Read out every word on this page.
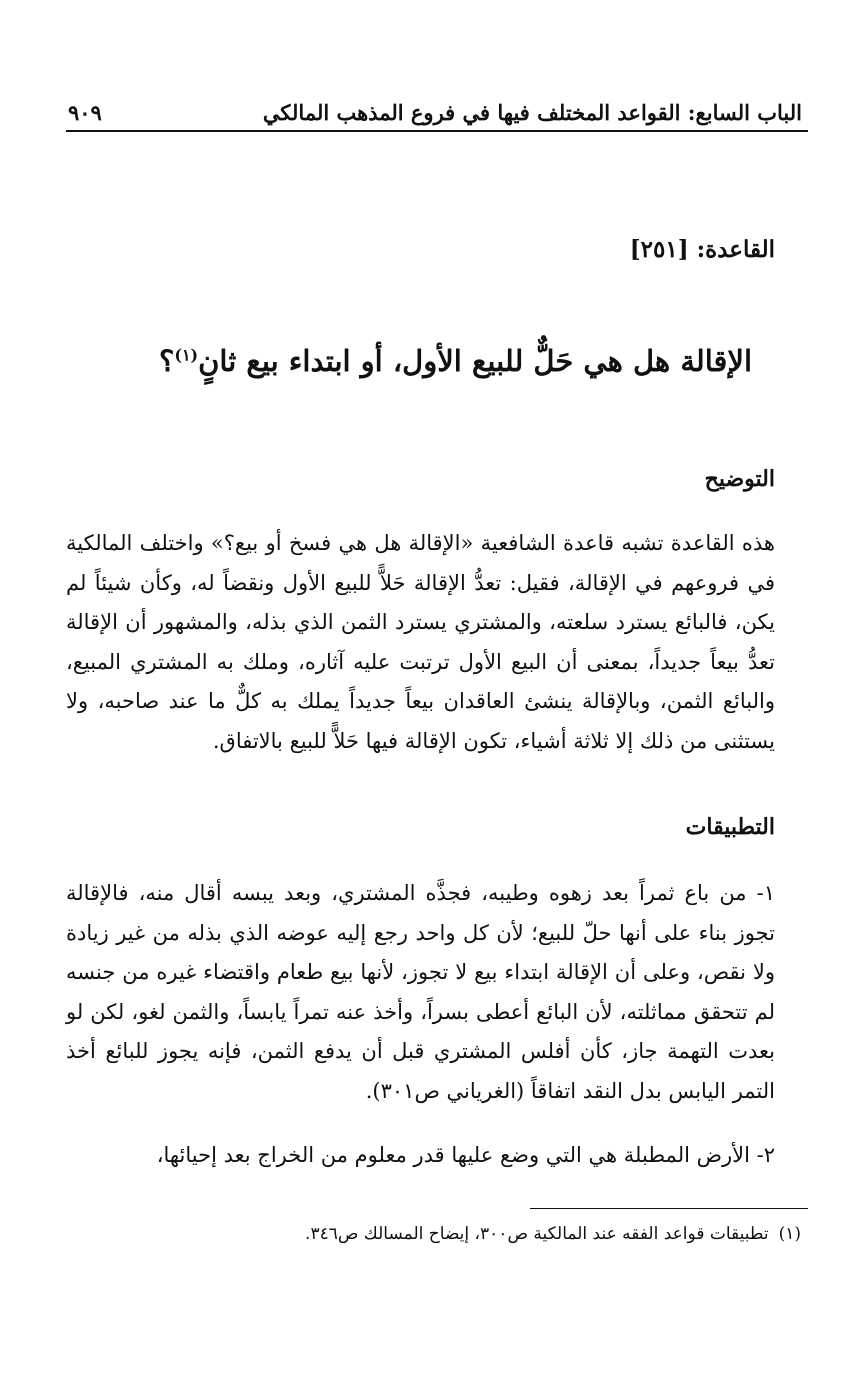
الباب السابع: القواعد المختلف فيها في فروع المذهب المالكي
٩٠٩
القاعدة: [٢٥١]
الإقالة هل هي حَلٌّ للبيع الأول، أو ابتداء بيع ثانٍ$^{(١)}$؟
التوضيح

هذه القاعدة تشبه قاعدة الشافعية «الإقالة هل هي فسخ أو بيع؟» واختلف المالكية في فروعهم في الإقالة، فقيل: تعدُّ الإقالة حَلاًّ للبيع الأول ونقضاً له، وكأن شيئاً لم يكن، فالبائع يسترد سلعته، والمشتري يسترد الثمن الذي بذله، والمشهور أن الإقالة تعدُّ بيعاً جديداً، بمعنى أن البيع الأول ترتبت عليه آثاره، وملك به المشتري المبيع، والبائع الثمن، وبالإقالة ينشئ العاقدان بيعاً جديداً يملك به كلٌّ ما عند صاحبه، ولا يستثنى من ذلك إلا ثلاثة أشياء، تكون الإقالة فيها حَلاًّ للبيع بالاتفاق.

التطبيقات

١- من باع ثمراً بعد زهوه وطيبه، فجذَّه المشتري، وبعد يبسه أقال منه، فالإقالة تجوز بناء على أنها حلّ للبيع؛ لأن كل واحد رجع إليه عوضه الذي بذله من غير زيادة ولا نقص، وعلى أن الإقالة ابتداء بيع لا تجوز، لأنها بيع طعام واقتضاء غيره من جنسه لم تتحقق مماثلته، لأن البائع أعطى بسراً، وأخذ عنه تمراً يابساً، والثمن لغو، لكن لو بعدت التهمة جاز، كأن أفلس المشتري قبل أن يدفع الثمن، فإنه يجوز للبائع أخذ التمر اليابس بدل النقد اتفاقاً (الغرياني ص٣٠١).

٢- الأرض المطبلة هي التي وضع عليها قدر معلوم من الخراج بعد إحيائها،

(١)تطبيقات قواعد الفقه عند المالكية ص٣٠٠، إيضاح المسالك ص٣٤٦.
